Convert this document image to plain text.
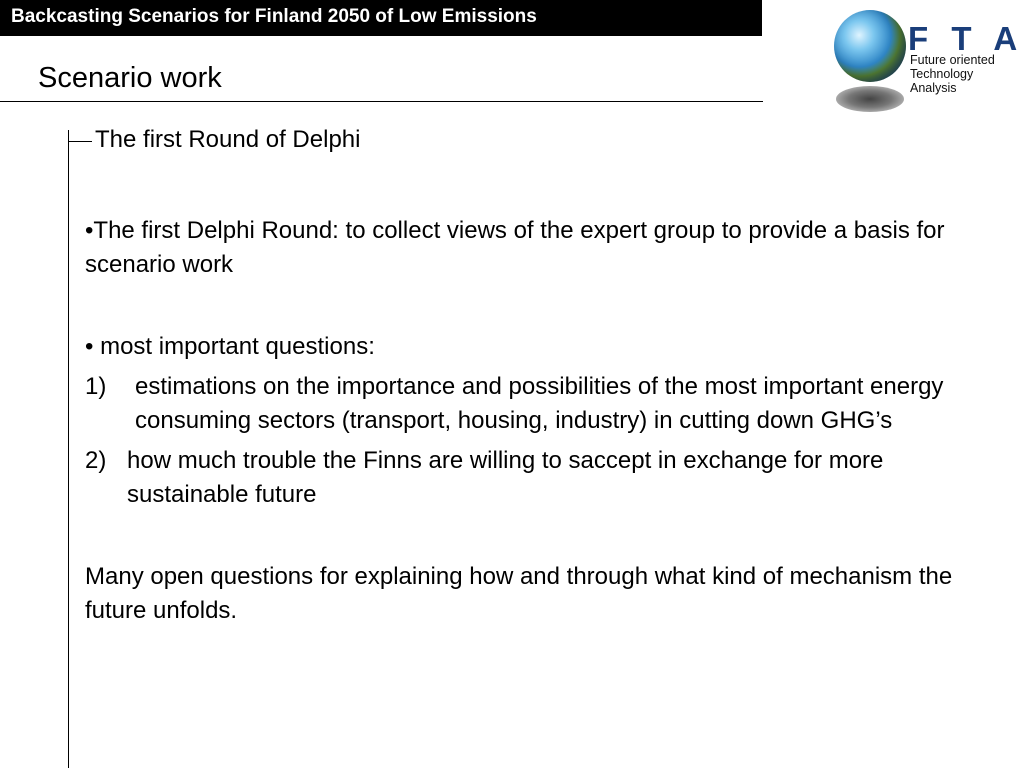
Backcasting Scenarios for Finland 2050 of Low Emissions
Scenario work
F T A
Future oriented
Technology
Analysis
The first Round of Delphi

•The first Delphi Round: to collect views of the expert group to provide a basis for scenario work

• most important questions:

1)	estimations on the importance and possibilities of the most important energy consuming sectors (transport, housing, industry) in cutting down GHG’s
2) how much trouble the Finns are willing to saccept in exchange for more sustainable future

Many open questions for explaining how and through what kind of mechanism the future unfolds.
